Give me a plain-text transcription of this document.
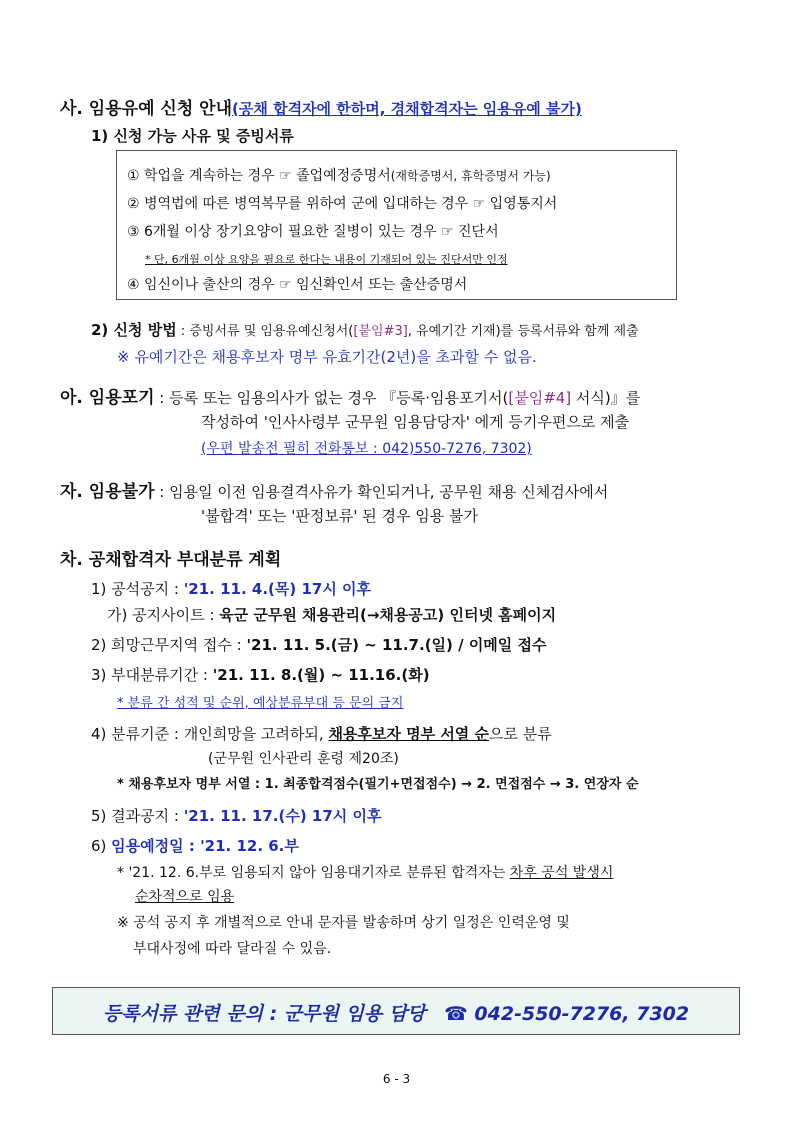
사. 임용유예 신청 안내(공채 합격자에 한하며, 경채합격자는 임용유예 불가)
1) 신청 가능 사유 및 증빙서류
① 학업을 계속하는 경우 ☞ 졸업예정증명서(재학증명서, 휴학증명서 가능)
② 병역법에 따른 병역복무를 위하여 군에 입대하는 경우 ☞ 입영통지서
③ 6개월 이상 장기요양이 필요한 질병이 있는 경우 ☞ 진단서
* 단, 6개월 이상 요양을 필요로 한다는 내용이 기재되어 있는 진단서만 인정
④ 임신이나 출산의 경우 ☞ 임신확인서 또는 출산증명서
2) 신청 방법 : 증빙서류 및 임용유예신청서([붙임#3], 유예기간 기재)를 등록서류와 함께 제출
※ 유예기간은 채용후보자 명부 유효기간(2년)을 초과할 수 없음.
아. 임용포기 : 등록 또는 임용의사가 없는 경우 『등록·임용포기서([붙임#4] 서식)』를
작성하여 '인사사령부 군무원 임용담당자' 에게 등기우편으로 제출
(우편 발송전 필히 전화통보 : 042)550-7276, 7302)
자. 임용불가 : 임용일 이전 임용결격사유가 확인되거나, 공무원 채용 신체검사에서
'불합격' 또는 '판정보류' 된 경우 임용 불가
차. 공채합격자 부대분류 계획
1) 공석공지 : '21. 11. 4.(목) 17시 이후
가) 공지사이트 : 육군 군무원 채용관리(→채용공고) 인터넷 홈페이지
2) 희망근무지역 접수 : '21. 11. 5.(금) ~ 11.7.(일) / 이메일 접수
3) 부대분류기간 : '21. 11. 8.(월) ~ 11.16.(화)
* 분류 간 성적 및 순위, 예상분류부대 등 문의 금지
4) 분류기준 : 개인희망을 고려하되, 채용후보자 명부 서열 순으로 분류
(군무원 인사관리 훈령 제20조)
* 채용후보자 명부 서열 : 1. 최종합격점수(필기+면접점수) → 2. 면접점수 → 3. 연장자 순
5) 결과공지 : '21. 11. 17.(수) 17시 이후
6) 임용예정일 : '21. 12. 6.부
* '21. 12. 6.부로 임용되지 않아 임용대기자로 분류된 합격자는 차후 공석 발생시
순차적으로 임용
※ 공석 공지 후 개별적으로 안내 문자를 발송하며 상기 일정은 인력운영 및
부대사정에 따라 달라질 수 있음.
등록서류 관련 문의 : 군무원 임용 담당 ☎ 042-550-7276, 7302
6 - 3
